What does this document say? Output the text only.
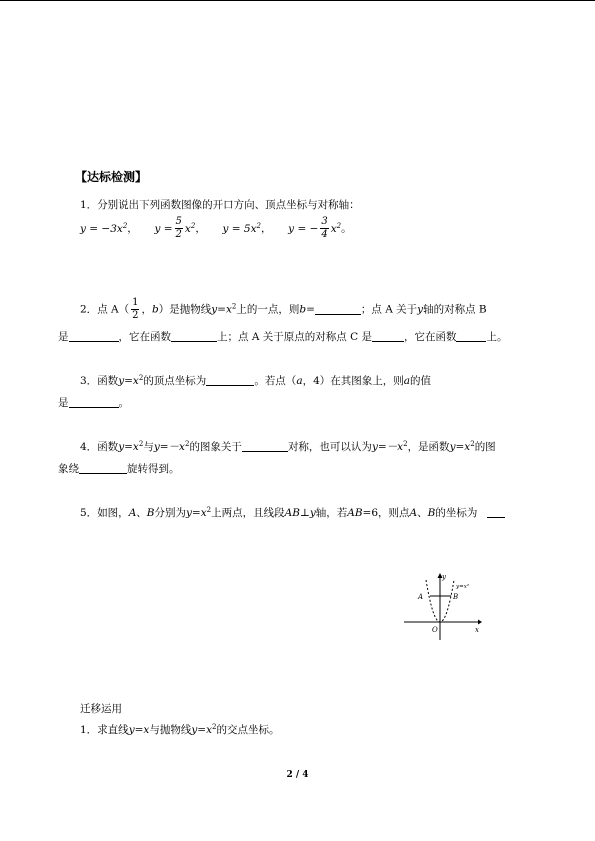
【达标检测】
1．分别说出下列函数图像的开口方向、顶点坐标与对称轴：
$y = -3x^2$， $y = \frac{5}{2} x^2$， $y = 5x^2$， y = − $\frac{3}{4} x^2$。
2．点 $A( \frac{1}{2}$ ，b）是抛物线$y=x^2$上的一点，则b=	；点 A 关于y轴的对称点 B
是	，它在函数	上；点 A 关于原点的对称点 C 是	，它在函数	上。
3．函数$y=x^2$的顶点坐标为	。若点（a，4）在其图象上，则a的值
是	。
4．函数$y=x^2$与$y=-x^2$的图象关于	对称，也可以认为$y=-x^2$，是函数$y=x^2$的图
象绕	旋转得到。
5．如图，A、B分别为$y=x^2$上两点，且线段AB⊥y轴，若AB=6，则点A、B的坐标为
y
x
O
A	B
y=x²
迁移运用
1．求直线y=x与抛物线$y=x^2$的交点坐标。
2 / 4
